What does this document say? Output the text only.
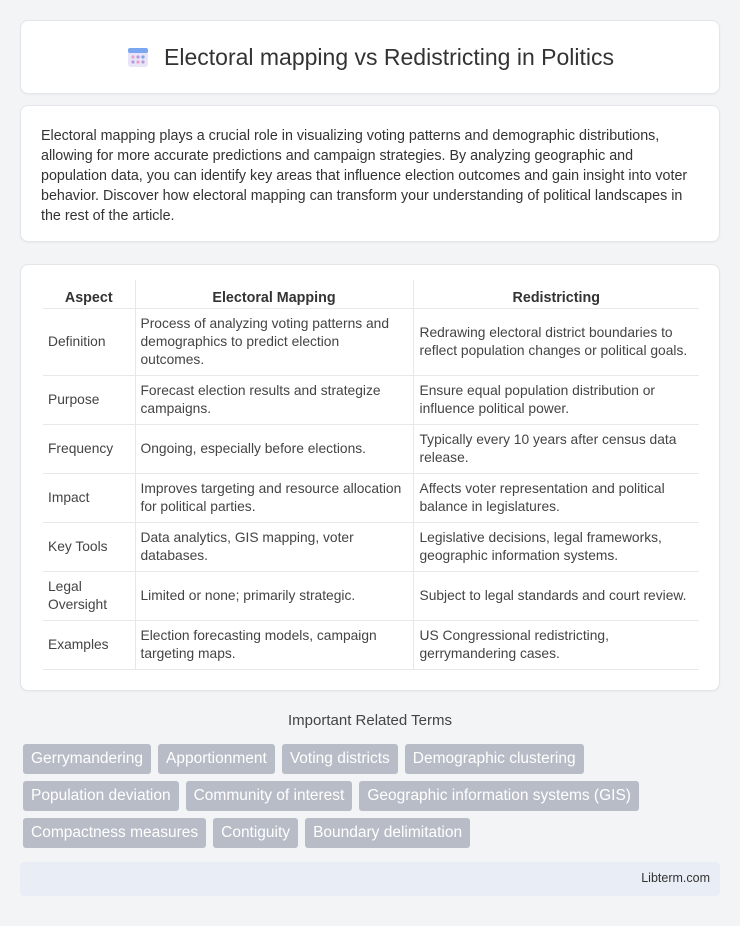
Electoral mapping vs Redistricting in Politics

Electoral mapping plays a crucial role in visualizing voting patterns and demographic distributions, allowing for more accurate predictions and campaign strategies. By analyzing geographic and population data, you can identify key areas that influence election outcomes and gain insight into voter behavior. Discover how electoral mapping can transform your understanding of political landscapes in the rest of the article.

Aspect	Electoral Mapping	Redistricting
Definition	Process of analyzing voting patterns and demographics to predict election outcomes.	Redrawing electoral district boundaries to reflect population changes or political goals.
Purpose	Forecast election results and strategize campaigns.	Ensure equal population distribution or influence political power.
Frequency	Ongoing, especially before elections.	Typically every 10 years after census data release.
Impact	Improves targeting and resource allocation for political parties.	Affects voter representation and political balance in legislatures.
Key Tools	Data analytics, GIS mapping, voter databases.	Legislative decisions, legal frameworks, geographic information systems.
Legal Oversight	Limited or none; primarily strategic.	Subject to legal standards and court review.
Examples	Election forecasting models, campaign targeting maps.	US Congressional redistricting, gerrymandering cases.
Important Related Terms
Gerrymandering	Apportionment	Voting districts	Demographic clustering
Population deviation	Community of interest	Geographic information systems (GIS)
Compactness measures	Contiguity	Boundary delimitation
Libterm.com
